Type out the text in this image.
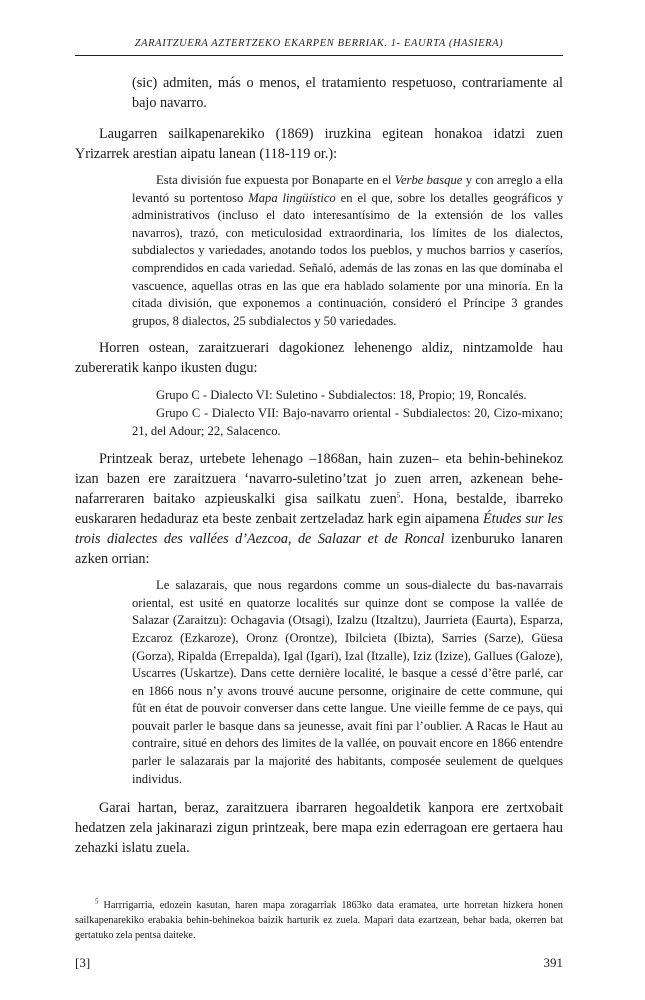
ZARAITZUERA AZTERTZEKO EKARPEN BERRIAK. 1- EAURTA (HASIERA)

(sic) admiten, más o menos, el tratamiento respetuoso, contrariamente al bajo navarro.

Laugarren sailkapenarekiko (1869) iruzkina egitean honakoa idatzi zuen Yrizarrek arestian aipatu lanean (118-119 or.):

Esta división fue expuesta por Bonaparte en el Verbe basque y con arreglo a ella levantó su portentoso Mapa lingüístico en el que, sobre los detalles geográficos y administrativos (incluso el dato interesantísimo de la extensión de los valles navarros), trazó, con meticulosidad extraordinaria, los límites de los dialectos, subdialectos y variedades, anotando todos los pueblos, y muchos barrios y caseríos, comprendidos en cada variedad. Señaló, además de las zonas en las que dominaba el vascuence, aquellas otras en las que era hablado solamente por una minoría. En la citada división, que exponemos a continuación, consideró el Príncipe 3 grandes grupos, 8 dialectos, 25 subdialectos y 50 variedades.

Horren ostean, zaraitzuerari dagokionez lehenengo aldiz, nintzamolde hau zubereratik kanpo ikusten dugu:

Grupo C - Dialecto VI: Suletino - Subdialectos: 18, Propio; 19, Roncalés.

Grupo C - Dialecto VII: Bajo-navarro oriental - Subdialectos: 20, Cizo-mixano; 21, del Adour; 22, Salacenco.

Printzeak beraz, urtebete lehenago –1868an, hain zuzen– eta behin-behinekoz izan bazen ere zaraitzuera ‘navarro-suletino’tzat jo zuen arren, azkenean behe-nafarreraren baitako azpieuskalki gisa sailkatu zuen$^5$. Hona, bestalde, ibarreko euskararen hedaduraz eta beste zenbait zertzeladaz hark egin aipamena Études sur les trois dialectes des vallées d’Aezcoa, de Salazar et de Roncal izenburuko lanaren azken orrian:

Le salazarais, que nous regardons comme un sous-dialecte du bas-navarrais oriental, est usité en quatorze localités sur quinze dont se compose la vallée de Salazar (Zaraitzu): Ochagavia (Otsagi), Izalzu (Itzaltzu), Jaurrieta (Eaurta), Esparza, Ezcaroz (Ezkaroze), Oronz (Orontze), Ibilcieta (Ibizta), Sarries (Sarze), Güesa (Gorza), Ripalda (Errepalda), Igal (Igari), Izal (Itzalle), Iziz (Izize), Gallues (Galoze), Uscarres (Uskartze). Dans cette dernière localité, le basque a cessé d’être parlé, car en 1866 nous n’y avons trouvé aucune personne, originaire de cette commune, qui fût en état de pouvoir converser dans cette langue. Une vieille femme de ce pays, qui pouvait parler le basque dans sa jeunesse, avait fini par l’oublier. A Racas le Haut au contraire, situé en dehors des limites de la vallée, on pouvait encore en 1866 entendre parler le salazarais par la majorité des habitants, composée seulement de quelques individus.

Garai hartan, beraz, zaraitzuera ibarraren hegoaldetik kanpora ere zertxobait hedatzen zela jakinarazi zigun printzeak, bere mapa ezin ederragoan ere gertaera hau zehazki islatu zuela.

$^5$ Harrrigarria, edozein kasutan, haren mapa zoragarriak 1863ko data eramatea, urte horretan hizkera honen sailkapenarekiko erabakia behin-behinekoa baizik harturik ez zuela. Mapari data ezartzean, behar bada, okerren bat gertatuko zela pentsa daiteke.

[3]	391
